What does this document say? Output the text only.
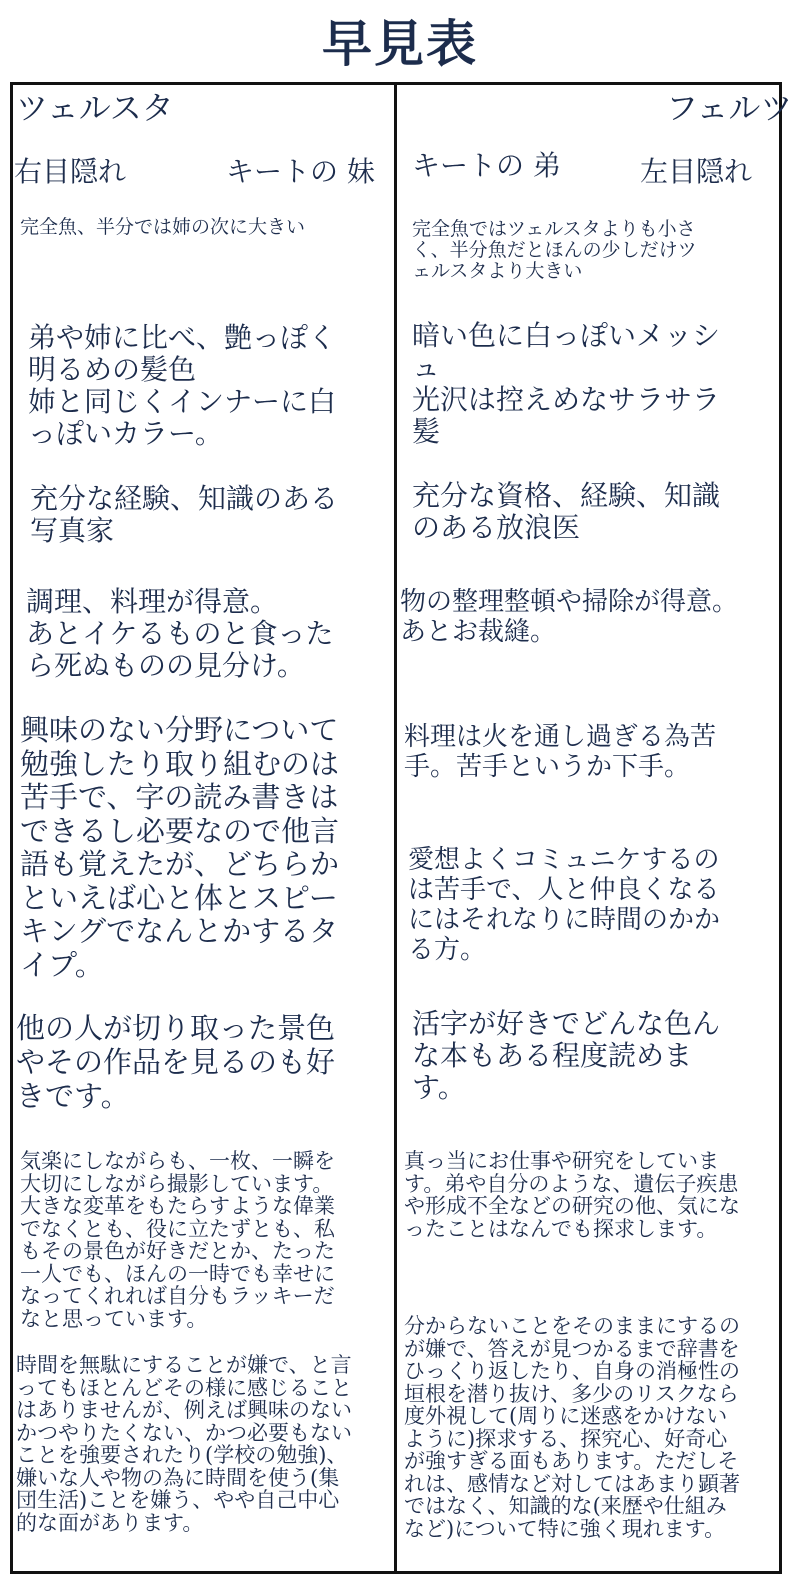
早見表

ツェルスタ

右目隠れ	キートの 妹

完全魚、半分では姉の次に大きい

弟や姉に比べ、艶っぽく
明るめの髪色
姉と同じくインナーに白
っぽいカラー。

充分な経験、知識のある
写真家

調理、料理が得意。
あとイケるものと食った
ら死ぬものの見分け。

興味のない分野について
勉強したり取り組むのは
苦手で、字の読み書きは
できるし必要なので他言
語も覚えたが、どちらか
といえば心と体とスピー
キングでなんとかするタ
イプ。

他の人が切り取った景色
やその作品を見るのも好
きです。

気楽にしながらも、一枚、一瞬を
大切にしながら撮影しています。
大きな変革をもたらすような偉業
でなくとも、役に立たずとも、私
もその景色が好きだとか、たった
一人でも、ほんの一時でも幸せに
なってくれれば自分もラッキーだ
なと思っています。

時間を無駄にすることが嫌で、と言
ってもほとんどその様に感じること
はありませんが、例えば興味のない
かつやりたくない、かつ必要もない
ことを強要されたり(学校の勉強)、
嫌いな人や物の為に時間を使う(集
団生活)ことを嫌う、やや自己中心
的な面があります。

フェルツ

キートの 弟	左目隠れ

完全魚ではツェルスタよりも小さ
く、半分魚だとほんの少しだけツ
ェルスタより大きい

暗い色に白っぽいメッシ
ュ
光沢は控えめなサラサラ
髪

充分な資格、経験、知識
のある放浪医

物の整理整頓や掃除が得意。
あとお裁縫。

料理は火を通し過ぎる為苦
手。苦手というか下手。

愛想よくコミュニケするの
は苦手で、人と仲良くなる
にはそれなりに時間のかか
る方。

活字が好きでどんな色ん
な本もある程度読めま
す。

真っ当にお仕事や研究をしていま
す。弟や自分のような、遺伝子疾患
や形成不全などの研究の他、気にな
ったことはなんでも探求します。

分からないことをそのままにするの
が嫌で、答えが見つかるまで辞書を
ひっくり返したり、自身の消極性の
垣根を潜り抜け、多少のリスクなら
度外視して(周りに迷惑をかけない
ように)探求する、探究心、好奇心
が強すぎる面もあります。ただしそ
れは、感情など対してはあまり顕著
ではなく、知識的な(来歴や仕組み
など)について特に強く現れます。
